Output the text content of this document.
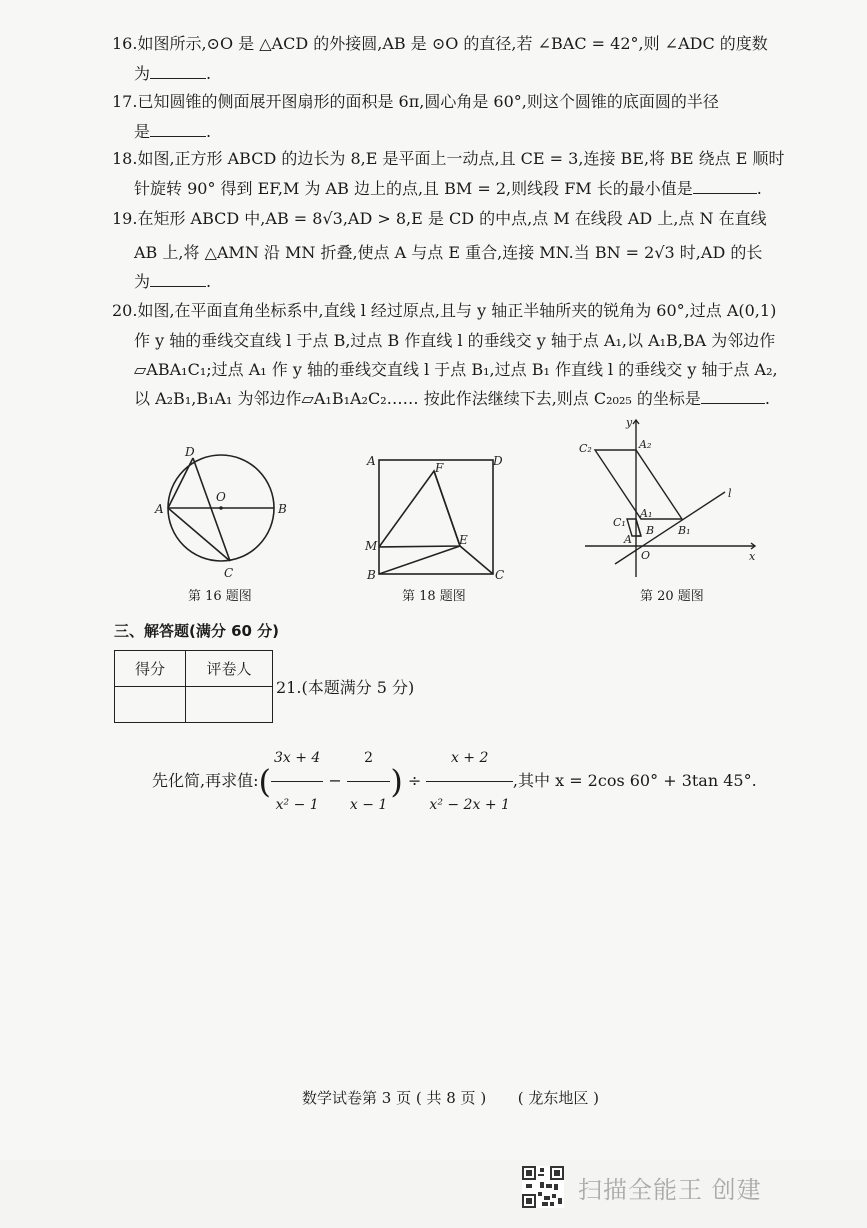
16.如图所示,⊙O 是 △ACD 的外接圆,AB 是 ⊙O 的直径,若 ∠BAC = 42°,则 ∠ADC 的度数
为	.
17.已知圆锥的侧面展开图扇形的面积是 6π,圆心角是 60°,则这个圆锥的底面圆的半径
是	.
18.如图,正方形 ABCD 的边长为 8,E 是平面上一动点,且 CE = 3,连接 BE,将 BE 绕点 E 顺时
针旋转 90° 得到 EF,M 为 AB 边上的点,且 BM = 2,则线段 FM 长的最小值是	.
19.在矩形 ABCD 中,AB = 8√3,AD > 8,E 是 CD 的中点,点 M 在线段 AD 上,点 N 在直线
AB 上,将 △AMN 沿 MN 折叠,使点 A 与点 E 重合,连接 MN.当 BN = 2√3 时,AD 的长
为	.
20.如图,在平面直角坐标系中,直线 l 经过原点,且与 y 轴正半轴所夹的锐角为 60°,过点 A(0,1)
作 y 轴的垂线交直线 l 于点 B,过点 B 作直线 l 的垂线交 y 轴于点 A₁,以 A₁B,BA 为邻边作
▱ABA₁C₁;过点 A₁ 作 y 轴的垂线交直线 l 于点 B₁,过点 B₁ 作直线 l 的垂线交 y 轴于点 A₂,
以 A₂B₁,B₁A₁ 为邻边作▱A₁B₁A₂C₂…… 按此作法继续下去,则点 C₂₀₂₅ 的坐标是	.
D
O
A	B
C
第 16 题图
A	D
F
M	E
B	C
第 18 题图
y
A₂
C₂
l
C₁
A₁
B B₁
A
O	x
第 20 题图
三、解答题(满分 60 分)
得分	评卷人

21.(本题满分 5 分)
先化简,再求值:( $\frac{3x + 4}{\text{x² − 1}} - \frac{2}{x - 1}$ ) ÷ $\frac{x + 2}{\text{x² − 2x + 1}}$ ,其中 x = 2cos 60° + 3tan 45°.
数学试卷第 3 页 ( 共 8 页 ) ( 龙东地区 )
扫描全能王 创建
